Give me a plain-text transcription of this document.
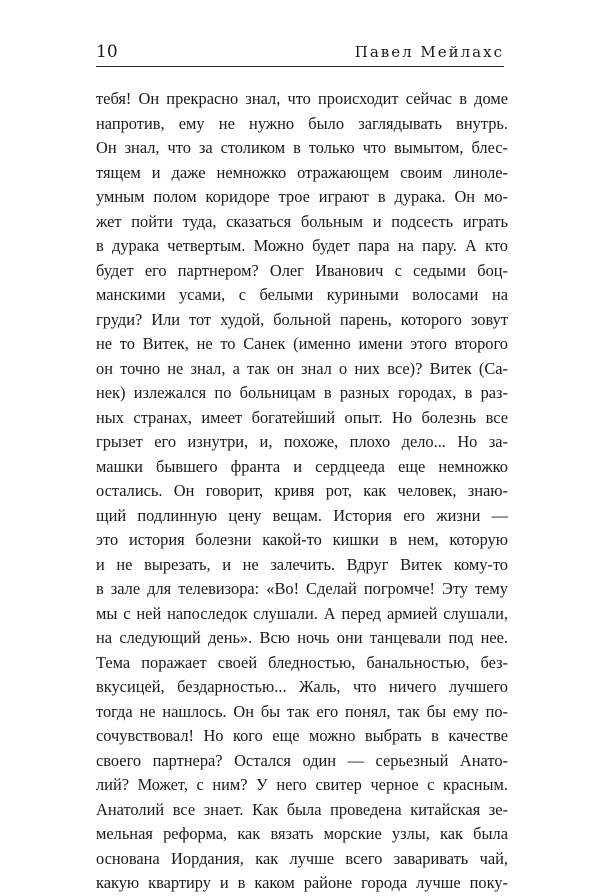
10	Павел Мейлахс
тебя! Он прекрасно знал, что происходит сейчас в доме
напротив, ему не нужно было заглядывать внутрь.
Он знал, что за столиком в только что вымытом, блес-
тящем и даже немножко отражающем своим линоле-
умным полом коридоре трое играют в дурака. Он мо-
жет пойти туда, сказаться больным и подсесть играть
в дурака четвертым. Можно будет пара на пару. А кто
будет его партнером? Олег Иванович с седыми боц-
манскими усами, с белыми куриными волосами на
груди? Или тот худой, больной парень, которого зовут
не то Витек, не то Санек (именно имени этого второго
он точно не знал, а так он знал о них все)? Витек (Са-
нек) излежался по больницам в разных городах, в раз-
ных странах, имеет богатейший опыт. Но болезнь все
грызет его изнутри, и, похоже, плохо дело... Но за-
машки бывшего франта и сердцееда еще немножко
остались. Он говорит, кривя рот, как человек, знаю-
щий подлинную цену вещам. История его жизни —
это история болезни какой-то кишки в нем, которую
и не вырезать, и не залечить. Вдруг Витек кому-то
в зале для телевизора: «Во! Сделай погромче! Эту тему
мы с ней напоследок слушали. А перед армией слушали,
на следующий день». Всю ночь они танцевали под нее.
Тема поражает своей бледностью, банальностью, без-
вкусицей, бездарностью... Жаль, что ничего лучшего
тогда не нашлось. Он бы так его понял, так бы ему по-
сочувствовал! Но кого еще можно выбрать в качестве
своего партнера? Остался один — серьезный Анато-
лий? Может, с ним? У него свитер черное с красным.
Анатолий все знает. Как была проведена китайская зе-
мельная реформа, как вязать морские узлы, как была
основана Иордания, как лучше всего заваривать чай,
какую квартиру и в каком районе города лучше поку-
